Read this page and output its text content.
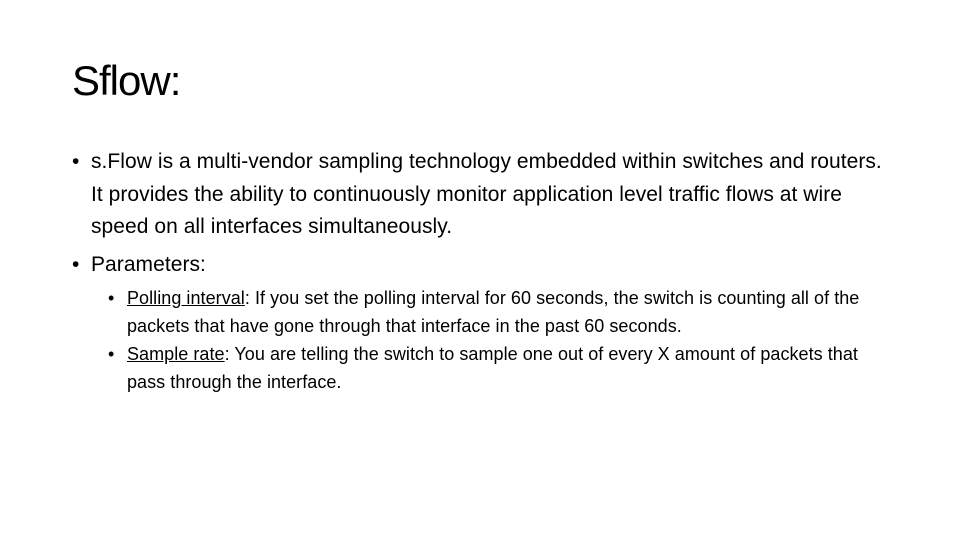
Sflow:
• s.Flow is a multi-vendor sampling technology embedded within switches and routers. It provides the ability to continuously monitor application level traffic flows at wire speed on all interfaces simultaneously.
• Parameters:
• Polling interval: If you set the polling interval for 60 seconds, the switch is counting all of the packets that have gone through that interface in the past 60 seconds.
• Sample rate: You are telling the switch to sample one out of every X amount of packets that pass through the interface.
